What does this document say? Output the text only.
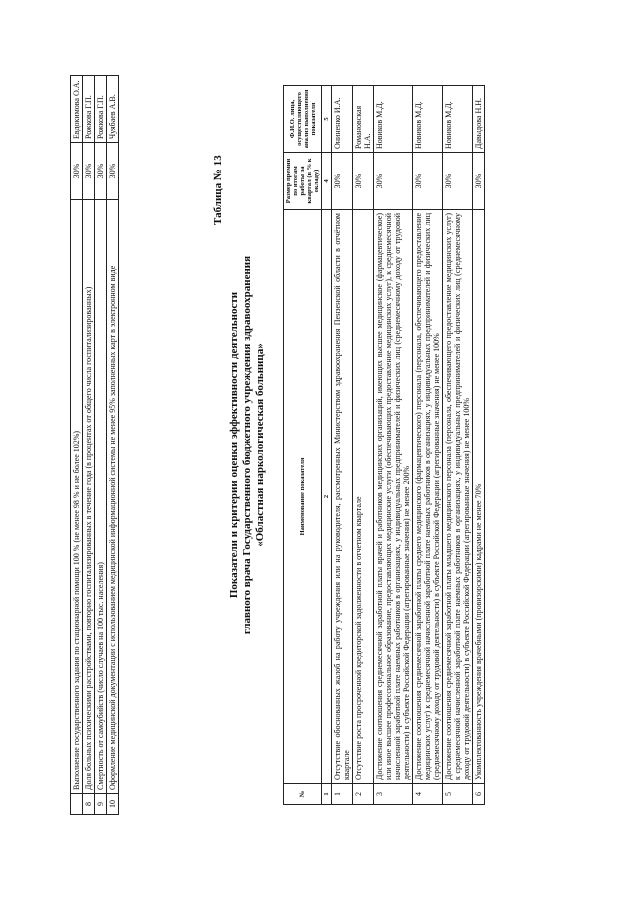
	Выполнение государственного задания по стационарной помощи 100 % (не менее 98 % и не более 102%)	30%	Евдокимова О.А.
8	Доля больных психическими расстройствами, повторно госпитализированных в течение года (в процентах от общего числа госпитализированных)	30%	Рожкова Г.П.
9	Смертность от самоубийств (число случаев на 100 тыс. населения)	30%	Рожкова Г.П.
10	Оформление медицинской документации с использованием медицинской информационной системы не менее 95% заполненных карт в электронном виде	30%	Чуябаев А.В.
Таблица № 13
Показатели и критерии оценки эффективности деятельности главного врача Государственного бюджетного учреждения здравоохранения «Областная наркологическая больница»
№	Наименование показателя	Размер премии по итогам работы за квартал (в % к окладу)	Ф.И.О. лица, осуществляющего анализ выполнения показателя
1	2	4	5
1	Отсутствие обоснованных жалоб на работу учреждения или на руководителя, рассмотренных Министерством здравоохранения Пензенской области в отчётном квартале	30%	Ониненко И.А.
2	Отсутствие роста просроченной кредиторской задолженности в отчетном квартале	30%	Романовская Н.А.
3	Достижение соотношения среднемесячной заработной платы врачей и работников медицинских организаций, имеющих высшее медицинское (фармацевтическое) или иное высшее профессиональное образование, предоставляющих медицинские услуги (обеспечивающих предоставление медицинских услуг), к среднемесячной начисленной заработной плате наемных работников в организациях, у индивидуальных предпринимателей и физических лиц (среднемесячному доходу от трудовой деятельности) в субъекте Российской Федерации (агрегированные значения) не менее 200%	30%	Новиков М.Д.
4	Достижение соотношения среднемесячной заработной платы среднего медицинского (фармацевтического) персонала (персонала, обеспечивающего предоставление медицинских услуг) к среднемесячной начисленной заработной плате наемных работников в организациях, у индивидуальных предпринимателей и физических лиц (среднемесячному доходу от трудовой деятельности) в субъекте Российской Федерации (агрегированные значения) не менее 100%	30%	Новиков М.Д.
5	Достижение соотношения среднемесячной заработной платы младшего медицинского персонала (персонала, обеспечивающего предоставление медицинских услуг) к среднемесячной начисленной заработной плате наемных работников в организациях, у индивидуальных предпринимателей и физических лиц (среднемесячному доходу от трудовой деятельности) в субъекте Российской Федерации (агрегированные значения) не менее 100%	30%	Новиков М.Д.
6	Укомплектованность учреждения врачебными (провизорскими) кадрами не менее 70%	30%	Давыдова Н.Н.
